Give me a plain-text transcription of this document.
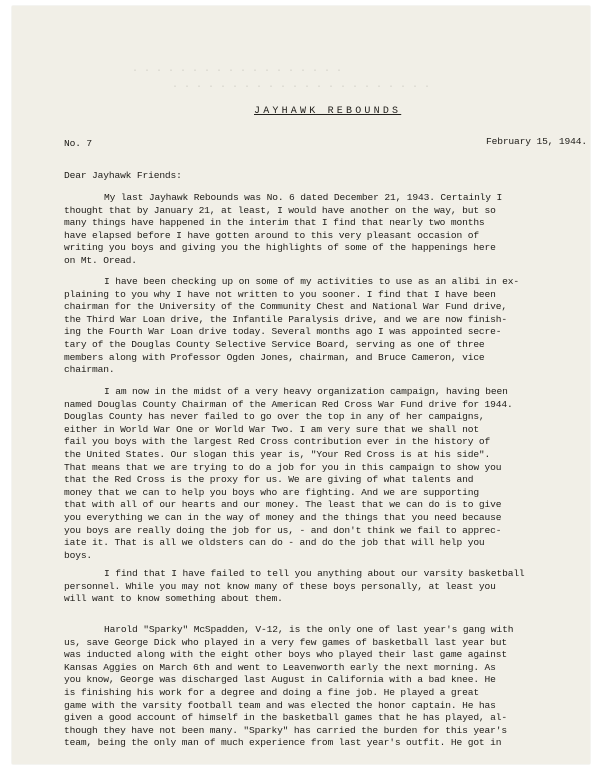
. . . . . . . . . . . . . . . . . .
. . . . . . . . . . . . . . . . . . . . . .
JAYHAWK REBOUNDS
No. 7	February 15, 1944.
Dear Jayhawk Friends:
My last Jayhawk Rebounds was No. 6 dated December 21, 1943. Certainly I
thought that by January 21, at least, I would have another on the way, but so
many things have happened in the interim that I find that nearly two months
have elapsed before I have gotten around to this very pleasant occasion of
writing you boys and giving you the highlights of some of the happenings here
on Mt. Oread.
I have been checking up on some of my activities to use as an alibi in ex-
plaining to you why I have not written to you sooner. I find that I have been
chairman for the University of the Community Chest and National War Fund drive,
the Third War Loan drive, the Infantile Paralysis drive, and we are now finish-
ing the Fourth War Loan drive today. Several months ago I was appointed secre-
tary of the Douglas County Selective Service Board, serving as one of three
members along with Professor Ogden Jones, chairman, and Bruce Cameron, vice
chairman.
I am now in the midst of a very heavy organization campaign, having been
named Douglas County Chairman of the American Red Cross War Fund drive for 1944.
Douglas County has never failed to go over the top in any of her campaigns,
either in World War One or World War Two. I am very sure that we shall not
fail you boys with the largest Red Cross contribution ever in the history of
the United States. Our slogan this year is, "Your Red Cross is at his side".
That means that we are trying to do a job for you in this campaign to show you
that the Red Cross is the proxy for us. We are giving of what talents and
money that we can to help you boys who are fighting. And we are supporting
that with all of our hearts and our money. The least that we can do is to give
you everything we can in the way of money and the things that you need because
you boys are really doing the job for us, - and don't think we fail to apprec-
iate it. That is all we oldsters can do - and do the job that will help you
boys.
I find that I have failed to tell you anything about our varsity basketball
personnel. While you may not know many of these boys personally, at least you
will want to know something about them.
Harold "Sparky" McSpadden, V-12, is the only one of last year's gang with
us, save George Dick who played in a very few games of basketball last year but
was inducted along with the eight other boys who played their last game against
Kansas Aggies on March 6th and went to Leavenworth early the next morning. As
you know, George was discharged last August in California with a bad knee. He
is finishing his work for a degree and doing a fine job. He played a great
game with the varsity football team and was elected the honor captain. He has
given a good account of himself in the basketball games that he has played, al-
though they have not been many. "Sparky" has carried the burden for this year's
team, being the only man of much experience from last year's outfit. He got in
